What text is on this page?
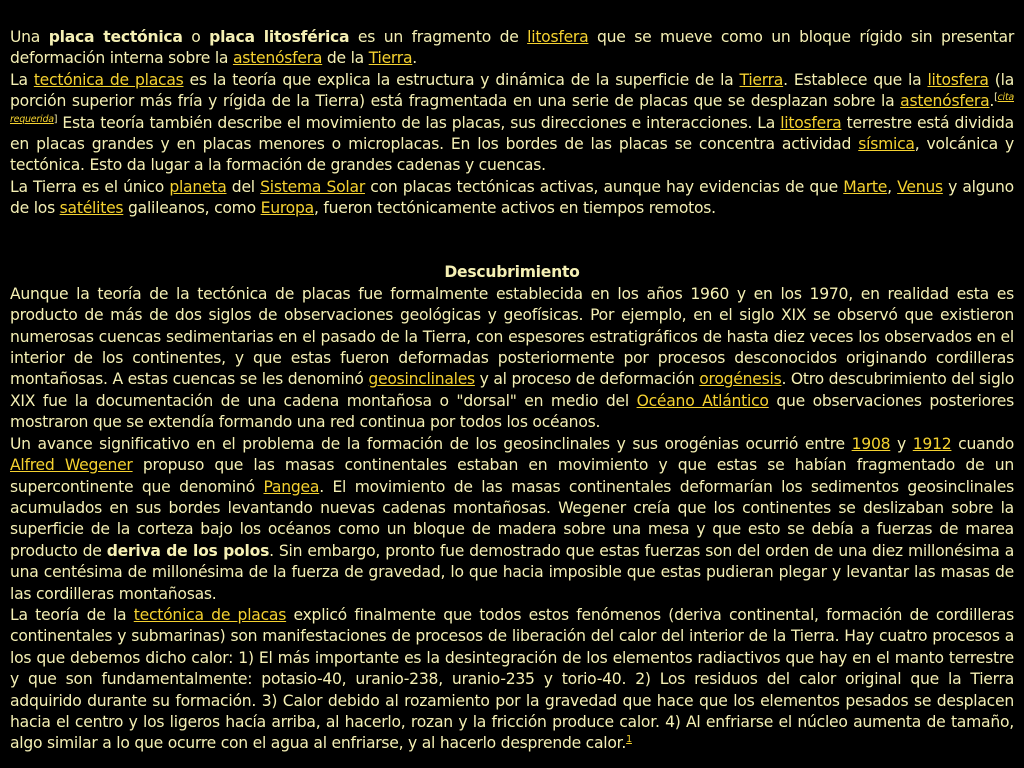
Una placa tectónica o placa litosférica es un fragmento de litosfera que se mueve como un bloque rígido sin presentar deformación interna sobre la astenósfera de la Tierra.

La tectónica de placas es la teoría que explica la estructura y dinámica de la superficie de la Tierra. Establece que la litosfera (la porción superior más fría y rígida de la Tierra) está fragmentada en una serie de placas que se desplazan sobre la astenósfera.[cita requerida] Esta teoría también describe el movimiento de las placas, sus direcciones e interacciones. La litosfera terrestre está dividida en placas grandes y en placas menores o microplacas. En los bordes de las placas se concentra actividad sísmica, volcánica y tectónica. Esto da lugar a la formación de grandes cadenas y cuencas.

La Tierra es el único planeta del Sistema Solar con placas tectónicas activas, aunque hay evidencias de que Marte, Venus y alguno de los satélites galileanos, como Europa, fueron tectónicamente activos en tiempos remotos.

Descubrimiento

Aunque la teoría de la tectónica de placas fue formalmente establecida en los años 1960 y en los 1970, en realidad esta es producto de más de dos siglos de observaciones geológicas y geofísicas. Por ejemplo, en el siglo XIX se observó que existieron numerosas cuencas sedimentarias en el pasado de la Tierra, con espesores estratigráficos de hasta diez veces los observados en el interior de los continentes, y que estas fueron deformadas posteriormente por procesos desconocidos originando cordilleras montañosas. A estas cuencas se les denominó geosinclinales y al proceso de deformación orogénesis. Otro descubrimiento del siglo XIX fue la documentación de una cadena montañosa o "dorsal" en medio del Océano Atlántico que observaciones posteriores mostraron que se extendía formando una red continua por todos los océanos.

Un avance significativo en el problema de la formación de los geosinclinales y sus orogénias ocurrió entre 1908 y 1912 cuando Alfred Wegener propuso que las masas continentales estaban en movimiento y que estas se habían fragmentado de un supercontinente que denominó Pangea. El movimiento de las masas continentales deformarían los sedimentos geosinclinales acumulados en sus bordes levantando nuevas cadenas montañosas. Wegener creía que los continentes se deslizaban sobre la superficie de la corteza bajo los océanos como un bloque de madera sobre una mesa y que esto se debía a fuerzas de marea producto de deriva de los polos. Sin embargo, pronto fue demostrado que estas fuerzas son del orden de una diez millonésima a una centésima de millonésima de la fuerza de gravedad, lo que hacia imposible que estas pudieran plegar y levantar las masas de las cordilleras montañosas.

La teoría de la tectónica de placas explicó finalmente que todos estos fenómenos (deriva continental, formación de cordilleras continentales y submarinas) son manifestaciones de procesos de liberación del calor del interior de la Tierra. Hay cuatro procesos a los que debemos dicho calor: 1) El más importante es la desintegración de los elementos radiactivos que hay en el manto terrestre y que son fundamentalmente: potasio-40, uranio-238, uranio-235 y torio-40. 2) Los residuos del calor original que la Tierra adquirido durante su formación. 3) Calor debido al rozamiento por la gravedad que hace que los elementos pesados se desplacen hacia el centro y los ligeros hacía arriba, al hacerlo, rozan y la fricción produce calor. 4) Al enfriarse el núcleo aumenta de tamaño, algo similar a lo que ocurre con el agua al enfriarse, y al hacerlo desprende calor.$^1$
